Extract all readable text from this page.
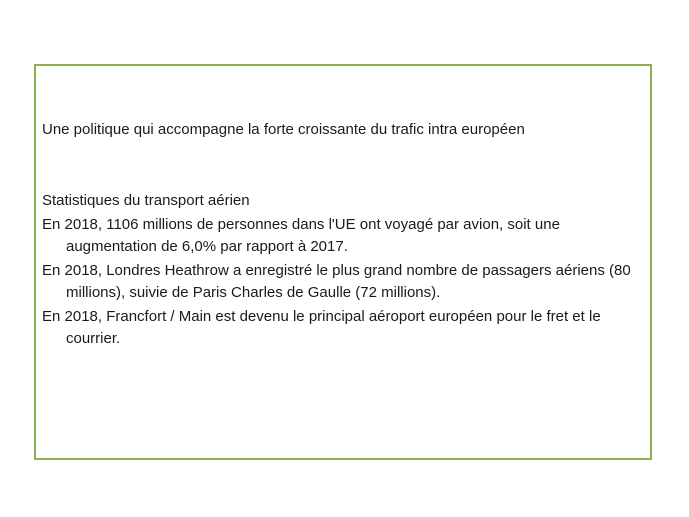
Une politique qui accompagne la forte croissante du trafic intra européen
Statistiques du transport aérien
En 2018, 1106 millions de personnes dans l'UE ont voyagé par avion, soit une augmentation de 6,0% par rapport à 2017.
En 2018, Londres Heathrow a enregistré le plus grand nombre de passagers aériens (80 millions), suivie de Paris Charles de Gaulle (72 millions).
En 2018, Francfort / Main est devenu le principal aéroport européen pour le fret et le courrier.
